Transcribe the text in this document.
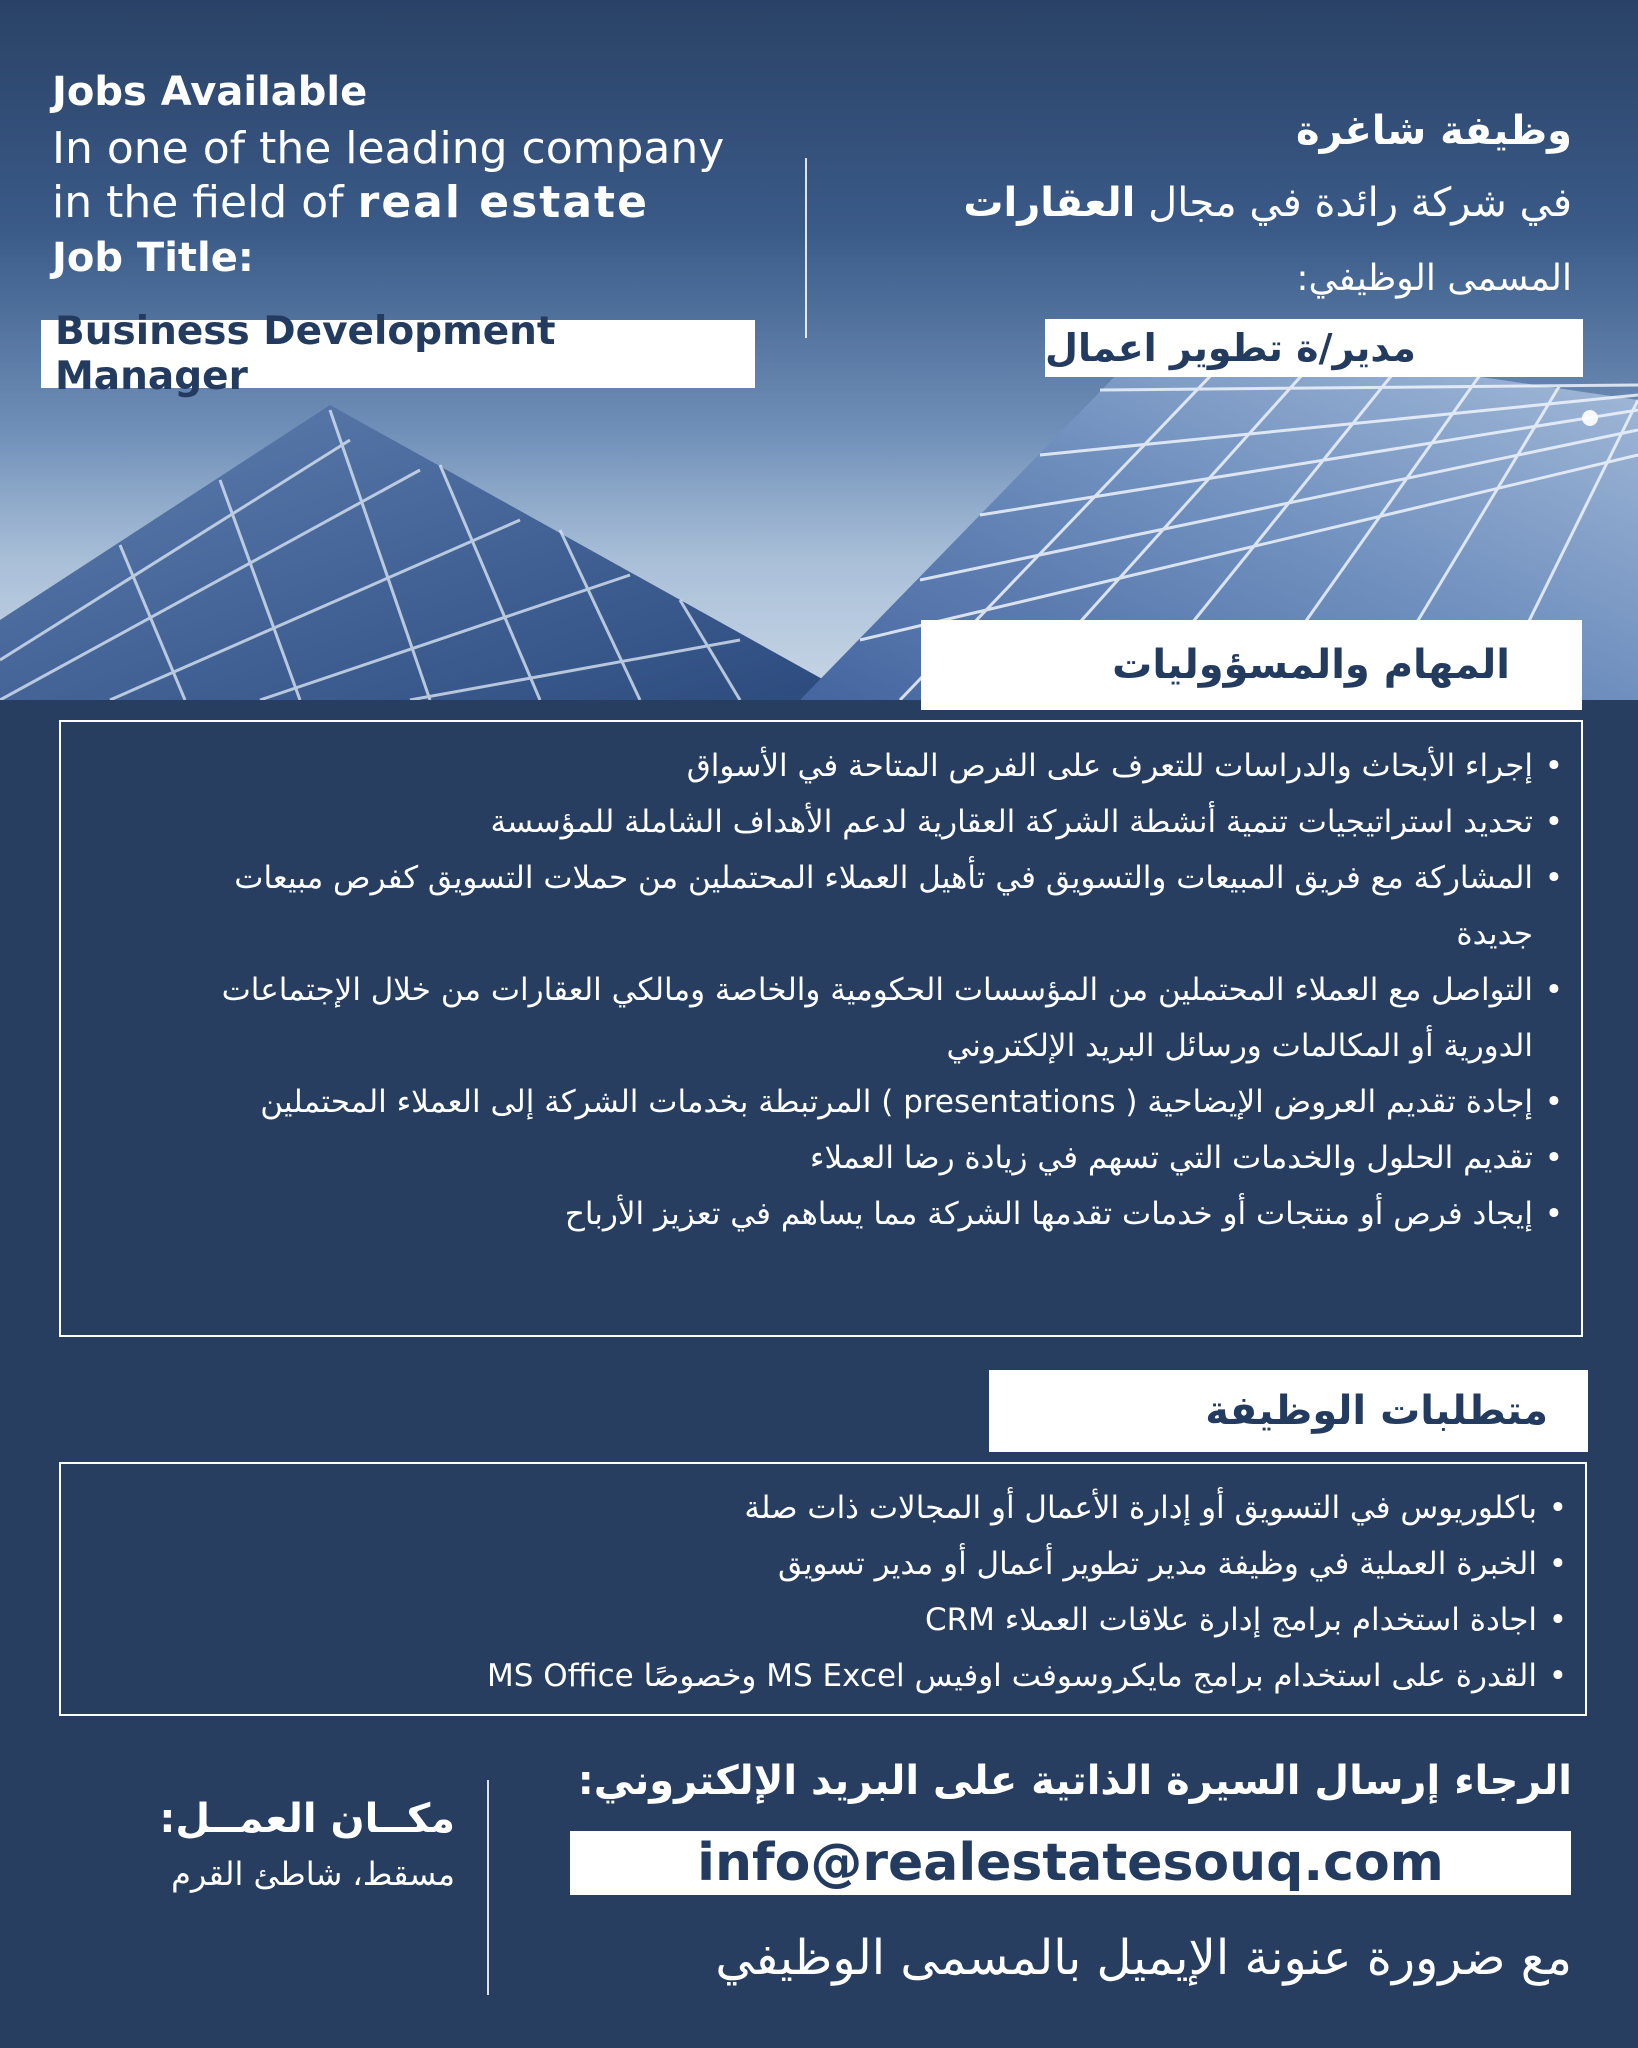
Jobs Available
In one of the leading company
in the field of real estate
Job Title:
Business Development Manager
وظيفة شاغرة
في شركة رائدة في مجال العقارات
المسمى الوظيفي:
مدير/ة تطوير اعمال
المهام والمسؤوليات
• إجراء الأبحاث والدراسات للتعرف على الفرص المتاحة في الأسواق
• تحديد استراتيجيات تنمية أنشطة الشركة العقارية لدعم الأهداف الشاملة للمؤسسة
• المشاركة مع فريق المبيعات والتسويق في تأهيل العملاء المحتملين من حملات التسويق كفرص مبيعات جديدة
• التواصل مع العملاء المحتملين من المؤسسات الحكومية والخاصة ومالكي العقارات من خلال الإجتماعات الدورية أو المكالمات ورسائل البريد الإلكتروني
• إجادة تقديم العروض الإيضاحية ( presentations ) المرتبطة بخدمات الشركة إلى العملاء المحتملين
• تقديم الحلول والخدمات التي تسهم في زيادة رضا العملاء
• إيجاد فرص أو منتجات أو خدمات تقدمها الشركة مما يساهم في تعزيز الأرباح
متطلبات الوظيفة
• باكلوريوس في التسويق أو إدارة الأعمال أو المجالات ذات صلة
• الخبرة العملية في وظيفة مدير تطوير أعمال أو مدير تسويق
• اجادة استخدام برامج إدارة علاقات العملاء CRM
• القدرة على استخدام برامج مايكروسوفت اوفيس MS Excel وخصوصًا MS Office
الرجاء إرسال السيرة الذاتية على البريد الإلكتروني:
info@realestatesouq.com
مع ضرورة عنونة الإيميل بالمسمى الوظيفي
مكــان العمــل:
مسقط، شاطئ القرم
